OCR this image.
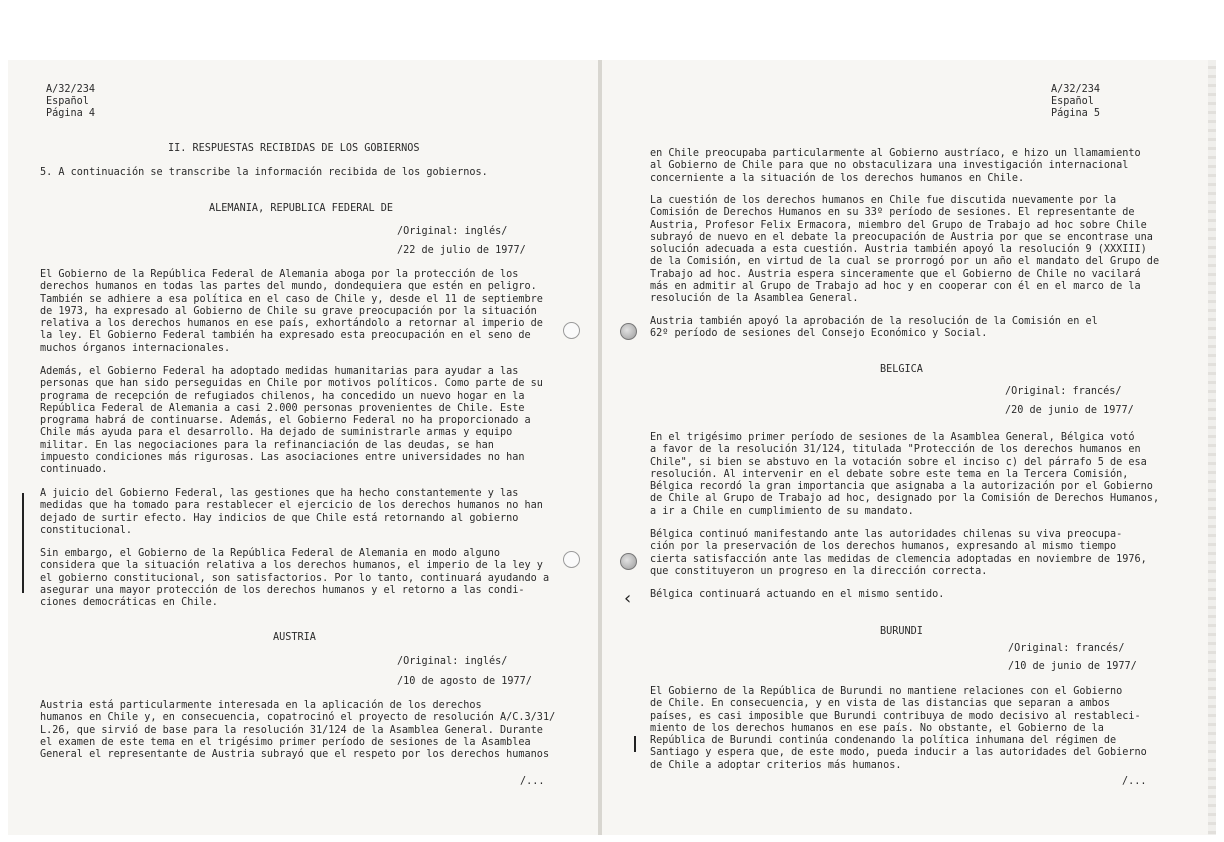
A/32/234
Español
Página 4
II. RESPUESTAS RECIBIDAS DE LOS GOBIERNOS
5. A continuación se transcribe la información recibida de los gobiernos.
ALEMANIA, REPUBLICA FEDERAL DE
/Original: inglés/
/22 de julio de 1977/
El Gobierno de la República Federal de Alemania aboga por la protección de los
derechos humanos en todas las partes del mundo, dondequiera que estén en peligro.
También se adhiere a esa política en el caso de Chile y, desde el 11 de septiembre
de 1973, ha expresado al Gobierno de Chile su grave preocupación por la situación
relativa a los derechos humanos en ese país, exhortándolo a retornar al imperio de
la ley. El Gobierno Federal también ha expresado esta preocupación en el seno de
muchos órganos internacionales.
Además, el Gobierno Federal ha adoptado medidas humanitarias para ayudar a las
personas que han sido perseguidas en Chile por motivos políticos. Como parte de su
programa de recepción de refugiados chilenos, ha concedido un nuevo hogar en la
República Federal de Alemania a casi 2.000 personas provenientes de Chile. Este
programa habrá de continuarse. Además, el Gobierno Federal no ha proporcionado a
Chile más ayuda para el desarrollo. Ha dejado de suministrarle armas y equipo
militar. En las negociaciones para la refinanciación de las deudas, se han
impuesto condiciones más rigurosas. Las asociaciones entre universidades no han
continuado.
A juicio del Gobierno Federal, las gestiones que ha hecho constantemente y las
medidas que ha tomado para restablecer el ejercicio de los derechos humanos no han
dejado de surtir efecto. Hay indicios de que Chile está retornando al gobierno
constitucional.
Sin embargo, el Gobierno de la República Federal de Alemania en modo alguno
considera que la situación relativa a los derechos humanos, el imperio de la ley y
el gobierno constitucional, son satisfactorios. Por lo tanto, continuará ayudando a
asegurar una mayor protección de los derechos humanos y el retorno a las condi-
ciones democráticas en Chile.
AUSTRIA
/Original: inglés/
/10 de agosto de 1977/
Austria está particularmente interesada en la aplicación de los derechos
humanos en Chile y, en consecuencia, copatrocinó el proyecto de resolución A/C.3/31/
L.26, que sirvió de base para la resolución 31/124 de la Asamblea General. Durante
el examen de este tema en el trigésimo primer período de sesiones de la Asamblea
General el representante de Austria subrayó que el respeto por los derechos humanos
/...
A/32/234
Español
Página 5
en Chile preocupaba particularmente al Gobierno austríaco, e hizo un llamamiento
al Gobierno de Chile para que no obstaculizara una investigación internacional
concerniente a la situación de los derechos humanos en Chile.
La cuestión de los derechos humanos en Chile fue discutida nuevamente por la
Comisión de Derechos Humanos en su 33º período de sesiones. El representante de
Austria, Profesor Felix Ermacora, miembro del Grupo de Trabajo ad hoc sobre Chile
subrayó de nuevo en el debate la preocupación de Austria por que se encontrase una
solución adecuada a esta cuestión. Austria también apoyó la resolución 9 (XXXIII)
de la Comisión, en virtud de la cual se prorrogó por un año el mandato del Grupo de
Trabajo ad hoc. Austria espera sinceramente que el Gobierno de Chile no vacilará
más en admitir al Grupo de Trabajo ad hoc y en cooperar con él en el marco de la
resolución de la Asamblea General.
Austria también apoyó la aprobación de la resolución de la Comisión en el
62º período de sesiones del Consejo Económico y Social.
BELGICA
/Original: francés/
/20 de junio de 1977/
En el trigésimo primer período de sesiones de la Asamblea General, Bélgica votó
a favor de la resolución 31/124, titulada "Protección de los derechos humanos en
Chile", si bien se abstuvo en la votación sobre el inciso c) del párrafo 5 de esa
resolución. Al intervenir en el debate sobre este tema en la Tercera Comisión,
Bélgica recordó la gran importancia que asignaba a la autorización por el Gobierno
de Chile al Grupo de Trabajo ad hoc, designado por la Comisión de Derechos Humanos,
a ir a Chile en cumplimiento de su mandato.
Bélgica continuó manifestando ante las autoridades chilenas su viva preocupa-
ción por la preservación de los derechos humanos, expresando al mismo tiempo
cierta satisfacción ante las medidas de clemencia adoptadas en noviembre de 1976,
que constituyeron un progreso en la dirección correcta.
Bélgica continuará actuando en el mismo sentido.
BURUNDI
/Original: francés/
/10 de junio de 1977/
El Gobierno de la República de Burundi no mantiene relaciones con el Gobierno
de Chile. En consecuencia, y en vista de las distancias que separan a ambos
países, es casi imposible que Burundi contribuya de modo decisivo al restableci-
miento de los derechos humanos en ese país. No obstante, el Gobierno de la
República de Burundi continúa condenando la política inhumana del régimen de
Santiago y espera que, de este modo, pueda inducir a las autoridades del Gobierno
de Chile a adoptar criterios más humanos.
/...
‹
